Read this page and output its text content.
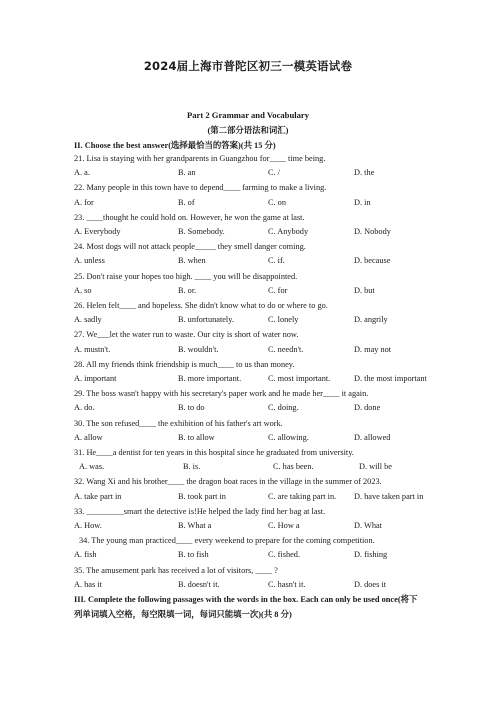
2024届上海市普陀区初三一模英语试卷
Part 2 Grammar and Vocabulary
(第二部分语法和词汇)
II. Choose the best answer(选择最恰当的答案)(共 15 分)
21. Lisa is staying with her grandparents in Guangzhou for____ time being.
A. a.	B. an	C. /	D. the
22. Many people in this town have to depend____ farming to make a living.
A. for	B. of	C. on	D. in
23. ____thought he could hold on. However, he won the game at last.
A. Everybody	B. Somebody.	C. Anybody	D. Nobody
24. Most dogs will not attack people_____ they smell danger coming.
A. unless	B. when	C. if.	D. because
25. Don't raise your hopes too high. ____ you will be disappointed.
A. so	B. or.	C. for	D. but
26. Helen felt____ and hopeless. She didn't know what to do or where to go.
A. sadly	B. unfortunately.	C. lonely	D. angrily
27. We___let the water run to waste. Our city is short of water now.
A. mustn't.	B. wouldn't.	C. needn't.	D. may not
28. All my friends think friendship is much____ to us than money.
A. important	B. more important.	C. most important.	D. the most important
29. The boss wasn't happy with his secretary's paper work and he made her____ it again.
A. do.	B. to do	C. doing.	D. done
30. The son refused____ the exhibition of his father's art work.
A. allow	B. to allow	C. allowing.	D. allowed
31. He____a dentist for ten years in this hospital since he graduated from university.
A. was.	B. is.	C. has been.	D. will be
32. Wang Xi and his brother____ the dragon boat races in the village in the summer of 2023.
A. take part in	B. took part in	C. are taking part in. D. have taken part in
33. _________smart the detective is!He helped the lady find her bag at last.
A. How.	B. What a	C. How a	D. What
34. The young man practiced____ every weekend to prepare for the coming competition.
A. fish	B. to fish	C. fished.	D. fishing
35. The amusement park has received a lot of visitors, ____ ?
A. has it	B. doesn't it.	C. hasn't it.	D. does it
III. Complete the following passages with the words in the box. Each can only be used once(将下列单词填入空格，每空限填一词，每词只能填一次)(共 8 分)
